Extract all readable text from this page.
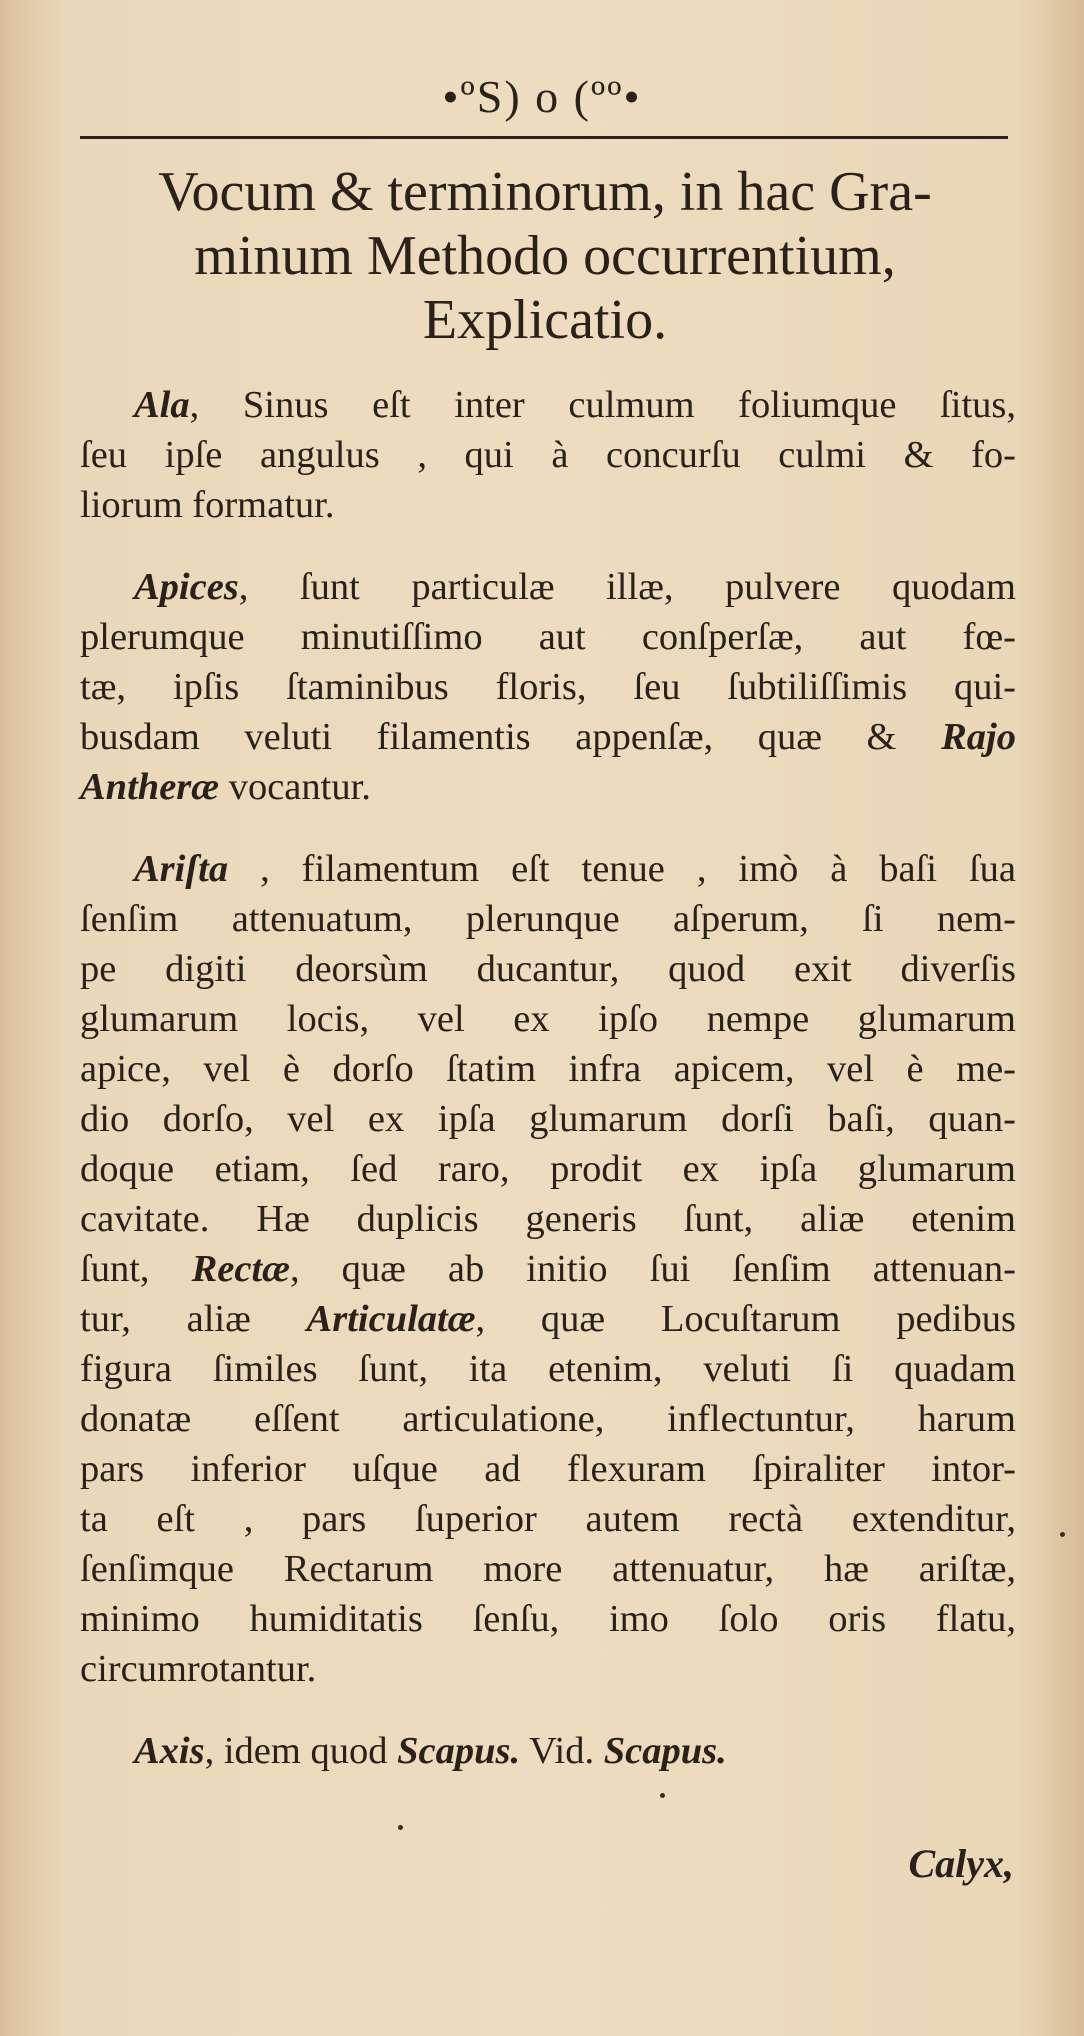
•ºS) o (ºº•
Vocum & terminorum, in hac Gra-
minum Methodo occurrentium,
Explicatio.
Ala, Sinus eſt inter culmum foliumque ſitus,
ſeu ipſe angulus , qui à concurſu culmi & fo-
liorum formatur.
Apices, ſunt particulæ illæ, pulvere quodam
plerumque minutiſſimo aut conſperſæ, aut fœ-
tæ, ipſis ſtaminibus floris, ſeu ſubtiliſſimis qui-
busdam veluti filamentis appenſæ, quæ & Rajo
Antheræ vocantur.
Ariſta , filamentum eſt tenue , imò à baſi ſua
ſenſim attenuatum, plerunque aſperum, ſi nem-
pe digiti deorsùm ducantur, quod exit diverſis
glumarum locis, vel ex ipſo nempe glumarum
apice, vel è dorſo ſtatim infra apicem, vel è me-
dio dorſo, vel ex ipſa glumarum dorſi baſi, quan-
doque etiam, ſed raro, prodit ex ipſa glumarum
cavitate. Hæ duplicis generis ſunt, aliæ etenim
ſunt, Rectæ, quæ ab initio ſui ſenſim attenuan-
tur, aliæ Articulatæ, quæ Locuſtarum pedibus
figura ſimiles ſunt, ita etenim, veluti ſi quadam
donatæ eſſent articulatione, inflectuntur, harum
pars inferior uſque ad flexuram ſpiraliter intor-
ta eſt , pars ſuperior autem rectà extenditur,
ſenſimque Rectarum more attenuatur, hæ ariſtæ,
minimo humiditatis ſenſu, imo ſolo oris flatu,
circumrotantur.
Axis, idem quod Scapus. Vid. Scapus.
Calyx,
